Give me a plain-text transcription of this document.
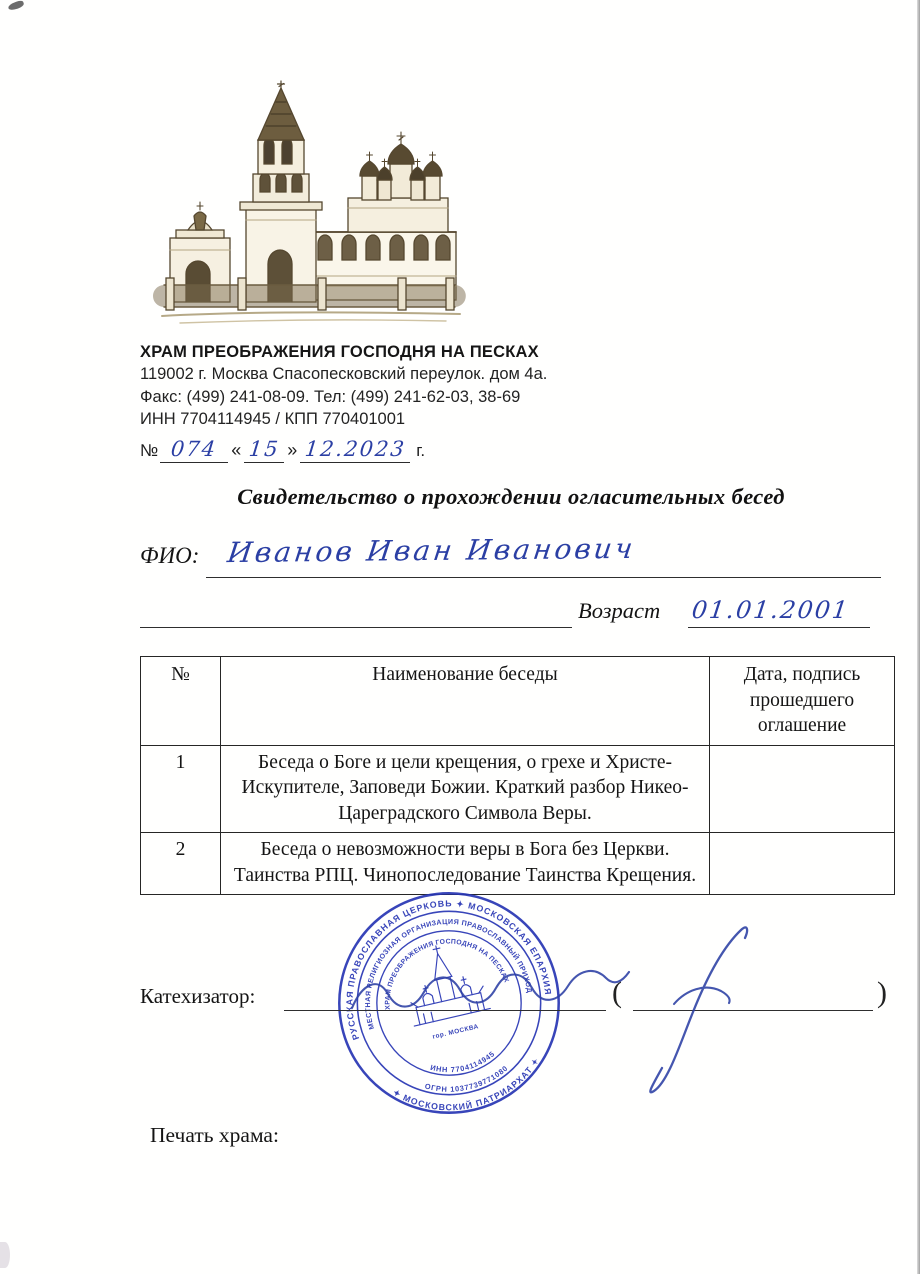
ХРАМ ПРЕОБРАЖЕНИЯ ГОСПОДНЯ НА ПЕСКАХ
119002 г. Москва Спасопесковский переулок. дом 4а.
Факс: (499) 241-08-09. Тел: (499) 241-62-03, 38-69
ИНН 7704114945 / КПП 770401001
№ 074 « 15 » 12.2023 г.
Свидетельство о прохождении огласительных бесед
ФИО: Иванов Иван Иванович
Возраст 01.01.2001
№	Наименование беседы	Дата, подпись прошедшего оглашение
1	Беседа о Боге и цели крещения, о грехе и Христе-Искупителе, Заповеди Божии. Краткий разбор Никео-Цареградского Символа Веры.	
2	Беседа о невозможности веры в Бога без Церкви. Таинства РПЦ. Чинопоследование Таинства Крещения.	
РУССКАЯ ПРАВОСЛАВНАЯ ЦЕРКОВЬ ✦ МОСКОВСКАЯ ЕПАРХИЯ
✦ МОСКОВСКИЙ ПАТРИАРХАТ ✦
МЕСТНАЯ РЕЛИГИОЗНАЯ ОРГАНИЗАЦИЯ ПРАВОСЛАВНЫЙ ПРИХОД
ОГРН 1037739771080
ХРАМ ПРЕОБРАЖЕНИЯ ГОСПОДНЯ НА ПЕСКАХ
ИНН 7704114945
гор. МОСКВА
Катехизатор:	(	)
Печать храма:
